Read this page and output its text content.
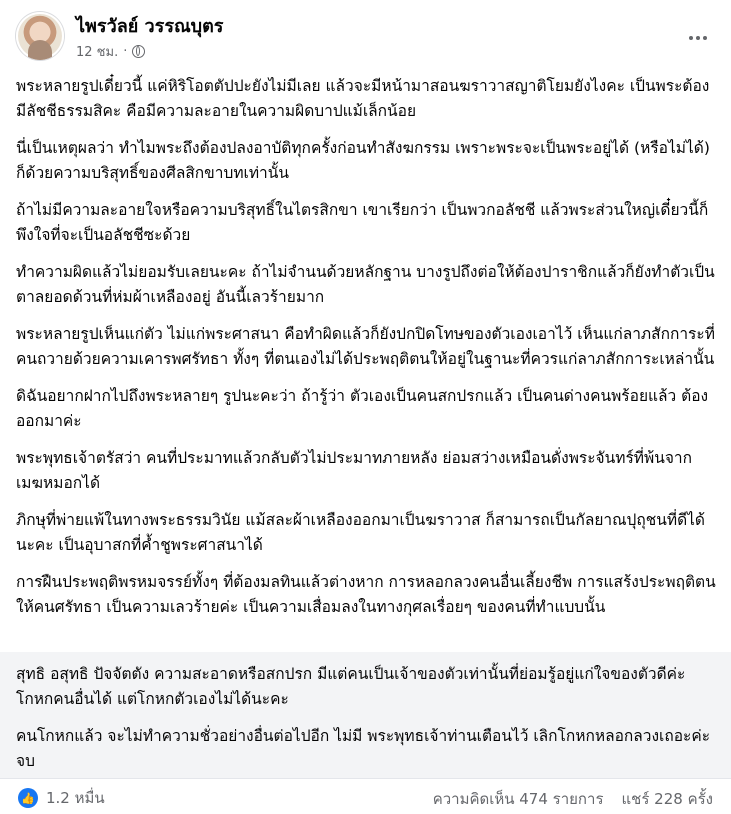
ไพรวัลย์ วรรณบุตร
12 ชม. ·

พระหลายรูปเดี๋ยวนี้ แค่หิริโอตตัปปะยังไม่มีเลย แล้วจะมีหน้ามาสอนฆราวาสญาติโยมยังไงคะ เป็นพระต้องมีลัชชีธรรมสิคะ คือมีความละอายในความผิดบาปแม้เล็กน้อย

นี่เป็นเหตุผลว่า ทำไมพระถึงต้องปลงอาบัติทุกครั้งก่อนทำสังฆกรรม เพราะพระจะเป็นพระอยู่ได้ (หรือไม่ได้) ก็ด้วยความบริสุทธิ์ของศีลสิกขาบทเท่านั้น

ถ้าไม่มีความละอายใจหรือความบริสุทธิ์ในไตรสิกขา เขาเรียกว่า เป็นพวกอลัชชี แล้วพระส่วนใหญ่เดี๋ยวนี้ก็พึงใจที่จะเป็นอลัชชีซะด้วย

ทำความผิดแล้วไม่ยอมรับเลยนะคะ ถ้าไม่จำนนด้วยหลักฐาน บางรูปถึงต่อให้ต้องปาราชิกแล้วก็ยังทำตัวเป็นตาลยอดด้วนที่ห่มผ้าเหลืองอยู่ อันนี้เลวร้ายมาก

พระหลายรูปเห็นแก่ตัว ไม่แก่พระศาสนา คือทำผิดแล้วก็ยังปกปิดโทษของตัวเองเอาไว้ เห็นแก่ลาภสักการะที่คนถวายด้วยความเคารพศรัทธา ทั้งๆ ที่ตนเองไม่ได้ประพฤติตนให้อยู่ในฐานะที่ควรแก่ลาภสักการะเหล่านั้น

ดิฉันอยากฝากไปถึงพระหลายๆ รูปนะคะว่า ถ้ารู้ว่า ตัวเองเป็นคนสกปรกแล้ว เป็นคนด่างคนพร้อยแล้ว ต้องออกมาค่ะ

พระพุทธเจ้าตรัสว่า คนที่ประมาทแล้วกลับตัวไม่ประมาทภายหลัง ย่อมสว่างเหมือนดั่งพระจันทร์ที่พ้นจากเมฆหมอกได้

ภิกษุที่พ่ายแพ้ในทางพระธรรมวินัย แม้สละผ้าเหลืองออกมาเป็นฆราวาส ก็สามารถเป็นกัลยาณปุถุชนที่ดีได้นะคะ เป็นอุบาสกที่ค้ำชูพระศาสนาได้

การฝืนประพฤติพรหมจรรย์ทั้งๆ ที่ต้องมลทินแล้วต่างหาก การหลอกลวงคนอื่นเลี้ยงชีพ การแสร้งประพฤติตนให้คนศรัทธา เป็นความเลวร้ายค่ะ เป็นความเสื่อมลงในทางกุศลเรื่อยๆ ของคนที่ทำแบบนั้น

สุทธิ อสุทธิ ปัจจัตตัง ความสะอาดหรือสกปรก มีแต่คนเป็นเจ้าของตัวเท่านั้นที่ย่อมรู้อยู่แก่ใจของตัวดีค่ะ โกหกคนอื่นได้ แต่โกหกตัวเองไม่ได้นะคะ

คนโกหกแล้ว จะไม่ทำความชั่วอย่างอื่นต่อไปอีก ไม่มี พระพุทธเจ้าท่านเตือนไว้ เลิกโกหกหลอกลวงเถอะค่ะ จบ

👍 1.2 หมื่น	ความคิดเห็น 474 รายการ แชร์ 228 ครั้ง
